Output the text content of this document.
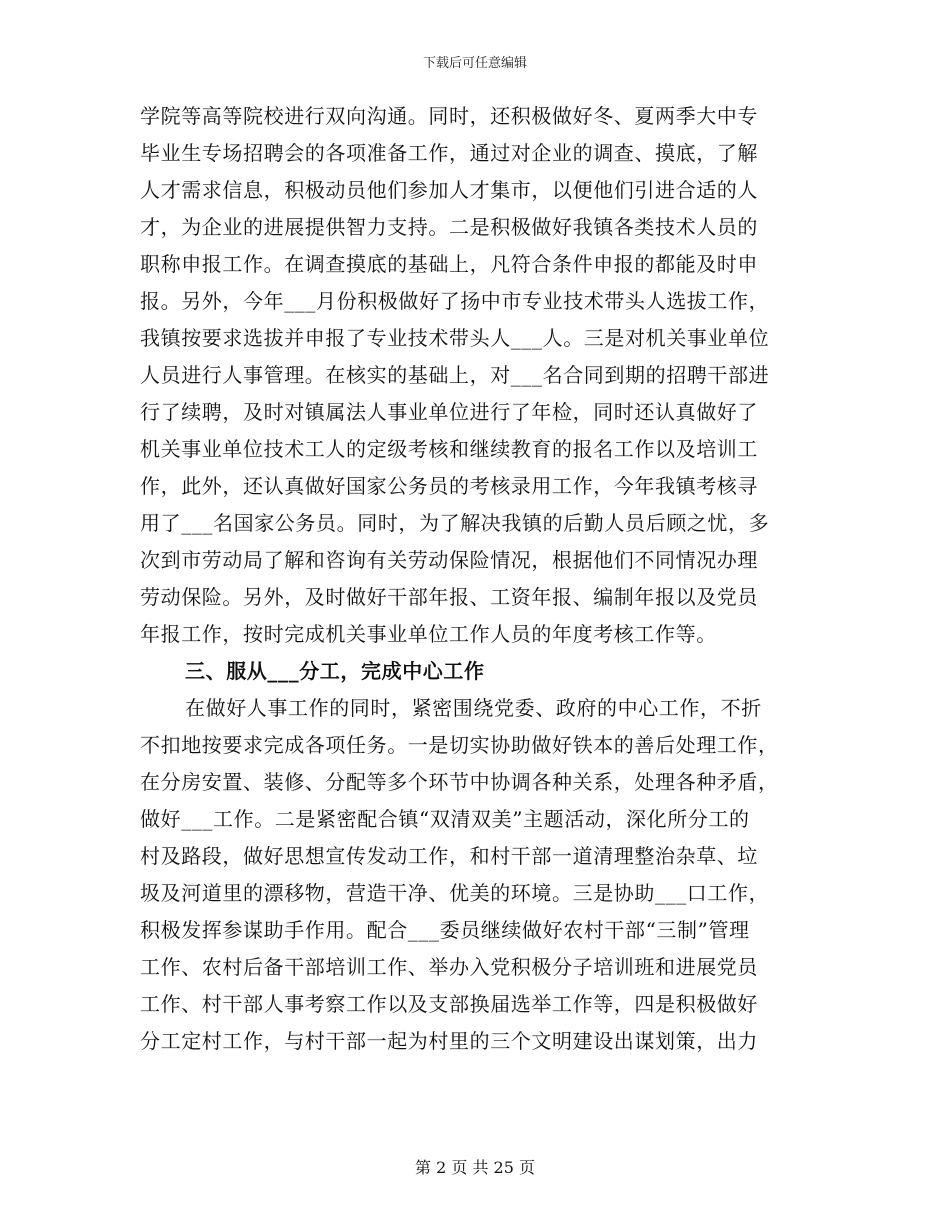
下载后可任意编辑
学院等高等院校进行双向沟通。同时，还积极做好冬、夏两季大中专
毕业生专场招聘会的各项准备工作，通过对企业的调查、摸底，了解
人才需求信息，积极动员他们参加人才集市，以便他们引进合适的人
才，为企业的进展提供智力支持。二是积极做好我镇各类技术人员的
职称申报工作。在调查摸底的基础上，凡符合条件申报的都能及时申
报。另外，今年___月份积极做好了扬中市专业技术带头人选拔工作，
我镇按要求选拔并申报了专业技术带头人___人。三是对机关事业单位
人员进行人事管理。在核实的基础上，对___名合同到期的招聘干部进
行了续聘，及时对镇属法人事业单位进行了年检，同时还认真做好了
机关事业单位技术工人的定级考核和继续教育的报名工作以及培训工
作，此外，还认真做好国家公务员的考核录用工作，今年我镇考核寻
用了___名国家公务员。同时，为了解决我镇的后勤人员后顾之忧，多
次到市劳动局了解和咨询有关劳动保险情况，根据他们不同情况办理
劳动保险。另外，及时做好干部年报、工资年报、编制年报以及党员
年报工作，按时完成机关事业单位工作人员的年度考核工作等。
三、服从___分工，完成中心工作
在做好人事工作的同时，紧密围绕党委、政府的中心工作，不折
不扣地按要求完成各项任务。一是切实协助做好铁本的善后处理工作，
在分房安置、装修、分配等多个环节中协调各种关系，处理各种矛盾，
做好___工作。二是紧密配合镇“双清双美”主题活动，深化所分工的
村及路段，做好思想宣传发动工作，和村干部一道清理整治杂草、垃
圾及河道里的漂移物，营造干净、优美的环境。三是协助___口工作，
积极发挥参谋助手作用。配合___委员继续做好农村干部“三制”管理
工作、农村后备干部培训工作、举办入党积极分子培训班和进展党员
工作、村干部人事考察工作以及支部换届选举工作等，四是积极做好
分工定村工作，与村干部一起为村里的三个文明建设出谋划策，出力
第 2 页 共 25 页
